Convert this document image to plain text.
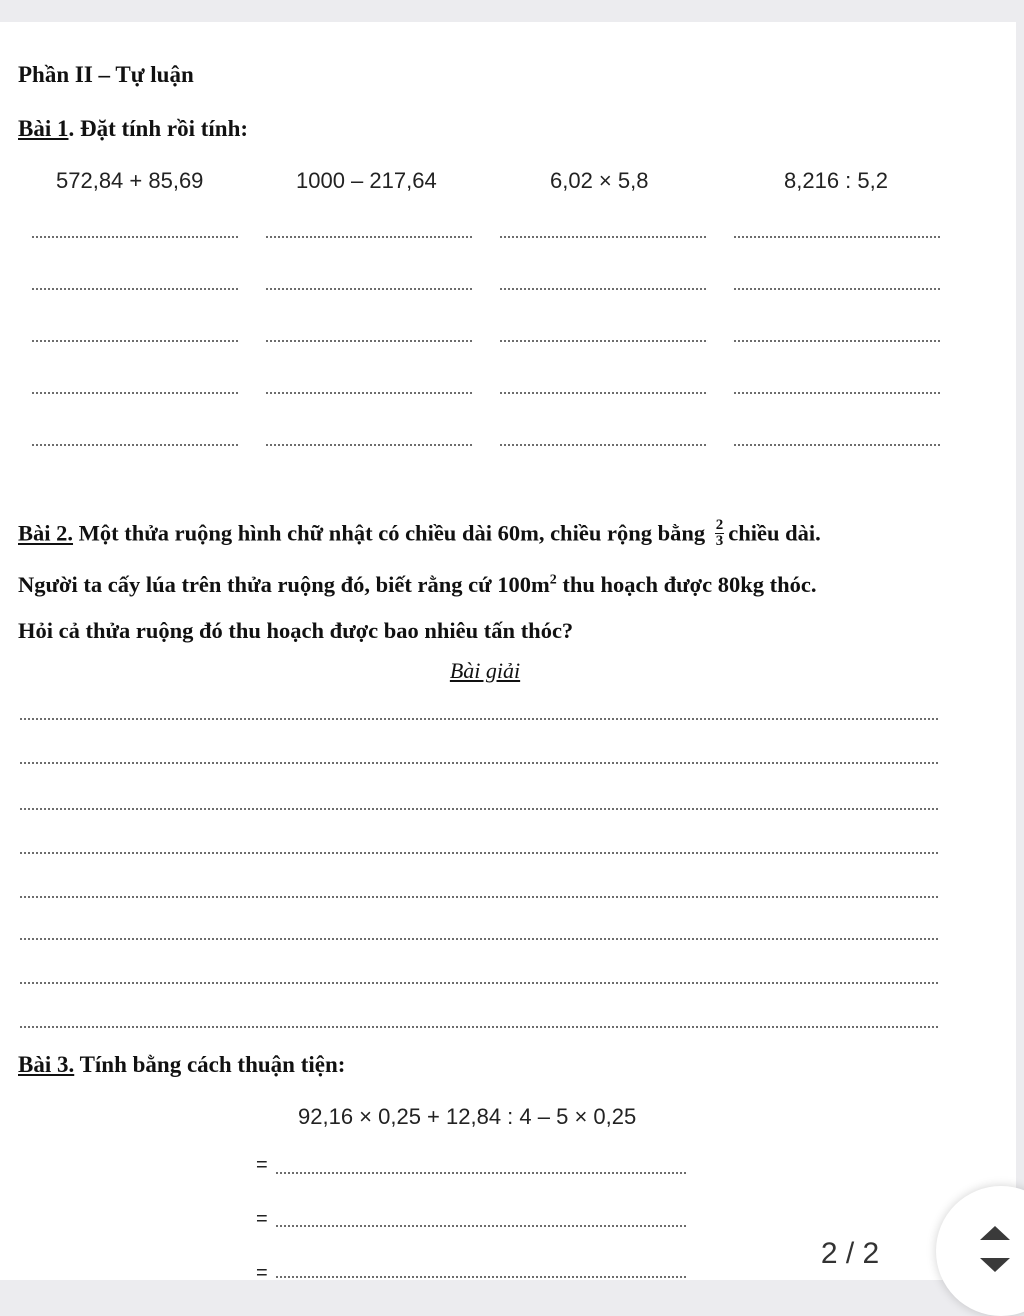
Phần II – Tự luận
Bài 1. Đặt tính rồi tính:
572,84 + 85,69	1000 – 217,64	6,02 × 5,8	8,216 : 5,2
Bài 2. Một thửa ruộng hình chữ nhật có chiều dài 60m, chiều rộng bằng $\frac{2}{3}$ chiều dài.
Người ta cấy lúa trên thửa ruộng đó, biết rằng cứ $100m^2$ thu hoạch được 80kg thóc.
Hỏi cả thửa ruộng đó thu hoạch được bao nhiêu tấn thóc?
Bài giải
Bài 3. Tính bằng cách thuận tiện:
92,16 × 0,25 + 12,84 : 4 – 5 × 0,25
=
=
=
2 / 2
